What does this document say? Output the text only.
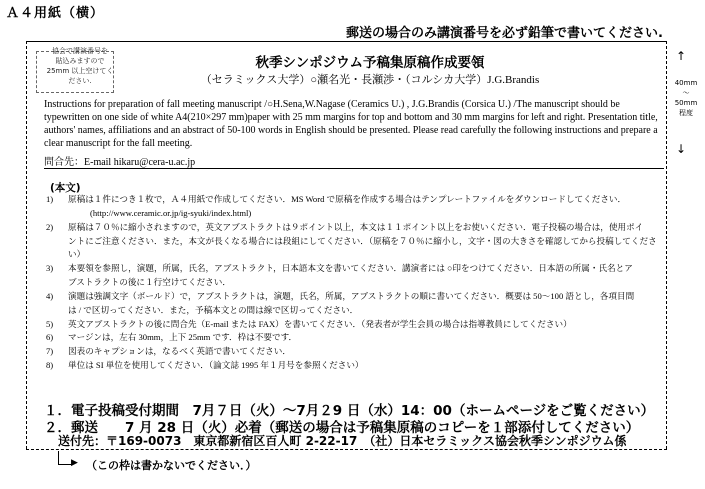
Ａ４用紙（横）
郵送の場合のみ講演番号を必ず鉛筆で書いてください.
協会で講演番号を
貼込みますので
25mm 以上空けてく
ださい.
↑
40mm
～
50mm
程度
↓
秋季シンポジウム予稿集原稿作成要領
（セラミックス大学）○瀬名光・長瀬渉・（コルシカ大学）J.G.Brandis
Instructions for preparation of fall meeting manuscript /○H.Sena,W.Nagase (Ceramics U.) , J.G.Brandis (Corsica U.) /The manuscript should be
typewritten on one side of white A4(210×297 mm)paper with 25 mm margins for top and bottom and 30 mm margins for left and right. Presentation title,
authors' names, affiliations and an abstract of 50-100 words in English should be presented. Please read carefully the following instructions and prepare a
clear manuscript for the fall meeting.
問合先：E-mail hikaru@cera-u.ac.jp
(本文)
1)	原稿は１件につき１枚で，Ａ４用紙で作成してください．MS Word で原稿を作成する場合はテンプレートファイルをダウンロードしてください．
(http://www.ceramic.or.jp/ig-syuki/index.html)
2)	原稿は７０％に縮小されますので，英文アブストラクトは９ポイント以上，本文は１１ポイント以上をお使いください．電子投稿の場合は，使用ポイ
ントにご注意ください．また，本文が長くなる場合には段組にしてください．（原稿を７０％に縮小し，文字・図の大きさを確認してから投稿してください）
3)	本要領を参照し，演題，所属，氏名，アブストラクト，日本語本文を書いてください．講演者には ○印をつけてください．日本語の所属・氏名とア
ブストラクトの後に１行空けてください．
4)	演題は強調文字（ボールド）で，アブストラクトは，演題，氏名，所属，アブストラクトの順に書いてください．概要は 50～100 語とし，各項目間
は / で区切ってください．また，予稿本文との間は線で区切ってください．
5)	英文アブストラクトの後に問合先（E-mail または FAX）を書いてください．（発表者が学生会員の場合は指導教員にしてください）
6)	マージンは，左右 30mm，上下 25mm です．枠は不要です．
7)	図表のキャプションは，なるべく英語で書いてください．
8)	単位は SI 単位を使用してください．（論文誌 1995 年１月号を参照ください）
１．電子投稿受付期間　7月７日（火）～7月２9 日（水）14：00（ホームページをご覧ください）
２．郵送　　7 月 28 日（火）必着（郵送の場合は予稿集原稿のコピーを１部添付してください）
送付先：〒169-0073　東京都新宿区百人町 2-22-17　（社）日本セラミックス協会秋季シンポジウム係
▶ （この枠は書かないでください．）
